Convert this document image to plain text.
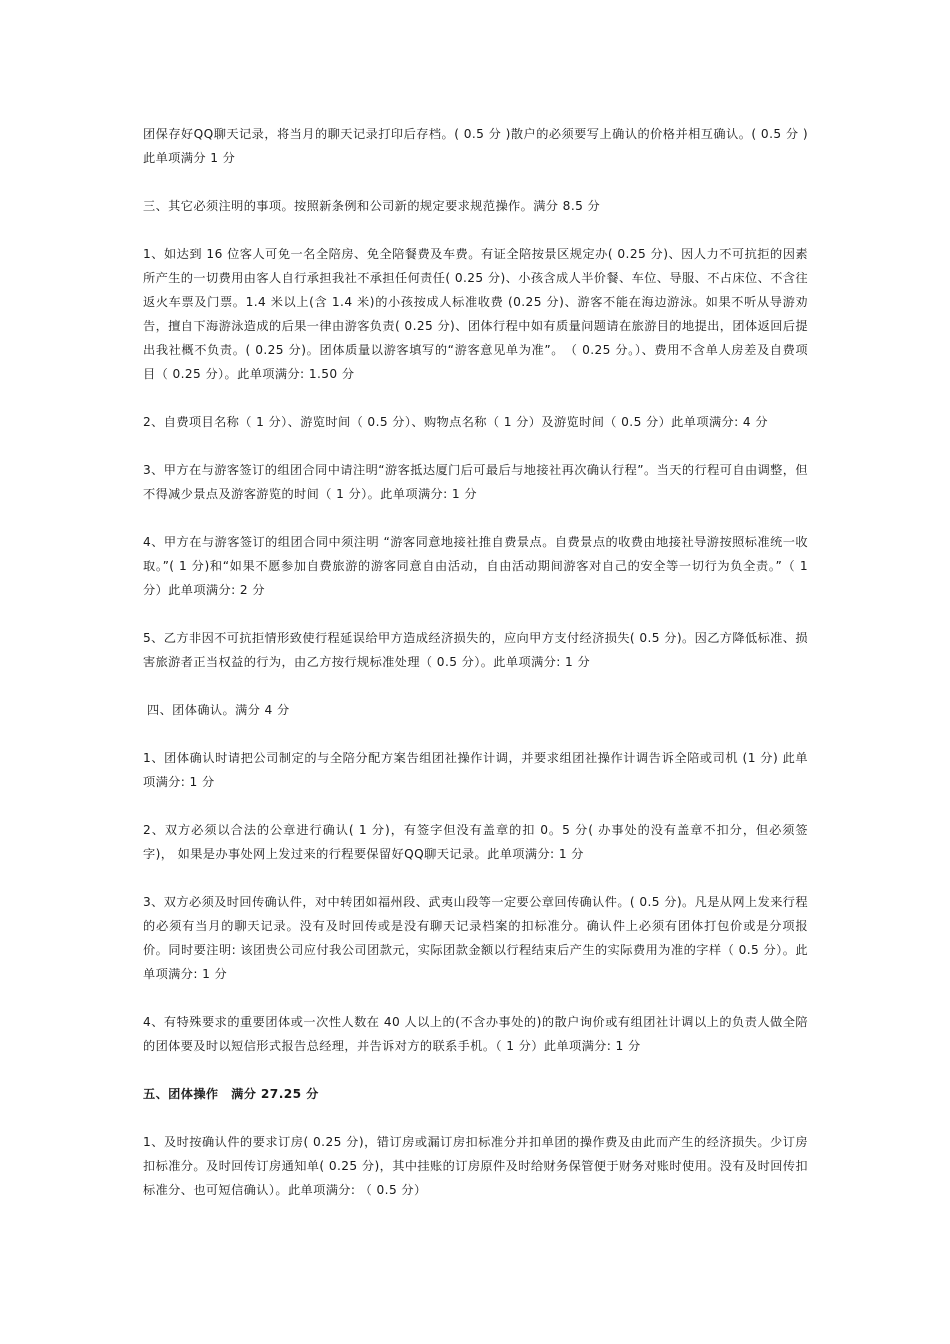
团保存好QQ聊天记录，将当月的聊天记录打印后存档。( 0.5 分 )散户的必须要写上确认的价格并相互确认。( 0.5 分 ) 此单项满分 1 分

三、其它必须注明的事项。按照新条例和公司新的规定要求规范操作。满分 8.5 分

1、如达到 16 位客人可免一名全陪房、免全陪餐费及车费。有证全陪按景区规定办( 0.25 分)、因人力不可抗拒的因素所产生的一切费用由客人自行承担我社不承担任何责任( 0.25 分)、小孩含成人半价餐、车位、导服、不占床位、不含往返火车票及门票。1.4 米以上(含 1.4 米)的小孩按成人标准收费 (0.25 分)、游客不能在海边游泳。如果不听从导游劝告，擅自下海游泳造成的后果一律由游客负责( 0.25 分)、团体行程中如有质量问题请在旅游目的地提出，团体返回后提出我社概不负责。( 0.25 分)。团体质量以游客填写的“游客意见单为准”。　（ 0.25 分。）、费用不含单人房差及自费项目（ 0.25 分）。此单项满分: 1.50 分

2、自费项目名称（ 1 分）、游览时间（ 0.5 分）、购物点名称（ 1 分）及游览时间（ 0.5 分）此单项满分: 4 分

3、甲方在与游客签订的组团合同中请注明“游客抵达厦门后可最后与地接社再次确认行程”。当天的行程可自由调整，但不得减少景点及游客游览的时间（ 1 分）。此单项满分: 1 分

4、甲方在与游客签订的组团合同中须注明 “游客同意地接社推自费景点。自费景点的收费由地接社导游按照标准统一收取。”( 1 分)和“如果不愿参加自费旅游的游客同意自由活动，自由活动期间游客对自己的安全等一切行为负全责。”（ 1 分）此单项满分: 2 分

5、乙方非因不可抗拒情形致使行程延误给甲方造成经济损失的，应向甲方支付经济损失( 0.5 分)。因乙方降低标准、损害旅游者正当权益的行为，由乙方按行规标准处理（ 0.5 分）。此单项满分: 1 分

四、团体确认。满分 4 分

1、团体确认时请把公司制定的与全陪分配方案告组团社操作计调，并要求组团社操作计调告诉全陪或司机 (1 分) 此单项满分: 1 分

2、双方必须以合法的公章进行确认( 1 分)，有签字但没有盖章的扣 0。5 分( 办事处的没有盖章不扣分，但必须签字)， 如果是办事处网上发过来的行程要保留好QQ聊天记录。此单项满分: 1 分

3、双方必须及时回传确认件，对中转团如福州段、武夷山段等一定要公章回传确认件。( 0.5 分)。凡是从网上发来行程的必须有当月的聊天记录。没有及时回传或是没有聊天记录档案的扣标准分。确认件上必须有团体打包价或是分项报价。同时要注明: 该团贵公司应付我公司团款元，实际团款金额以行程结束后产生的实际费用为准的字样（ 0.5 分）。此单项满分: 1 分

4、有特殊要求的重要团体或一次性人数在 40 人以上的(不含办事处的)的散户询价或有组团社计调以上的负责人做全陪的团体要及时以短信形式报告总经理，并告诉对方的联系手机。（ 1 分）此单项满分: 1 分

五、团体操作　满分 27.25 分

1、及时按确认件的要求订房( 0.25 分)，错订房或漏订房扣标准分并扣单团的操作费及由此而产生的经济损失。少订房扣标准分。及时回传订房通知单( 0.25 分)，其中挂账的订房原件及时给财务保管便于财务对账时使用。没有及时回传扣标准分、也可短信确认）。此单项满分: （ 0.5 分）
